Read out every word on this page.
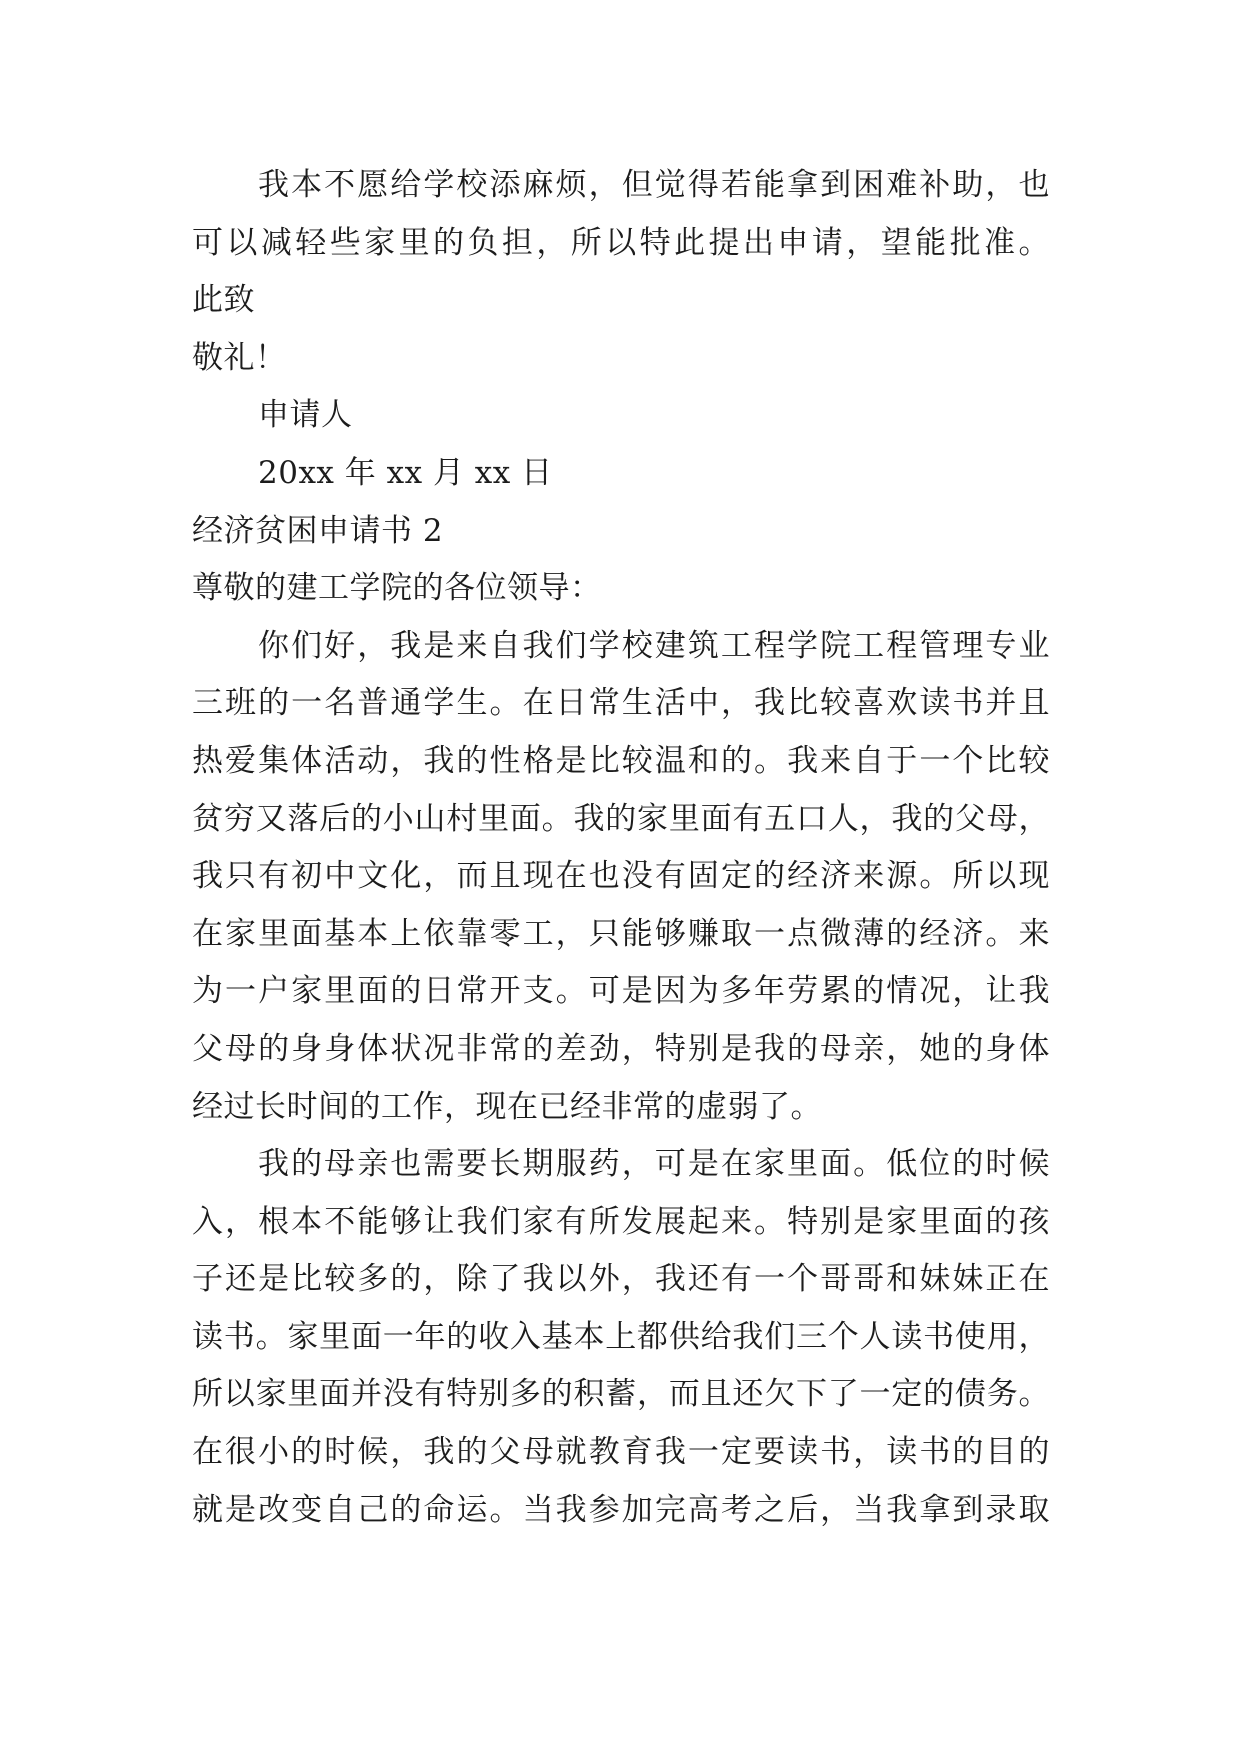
我本不愿给学校添麻烦，但觉得若能拿到困难补助，也
可以减轻些家里的负担，所以特此提出申请，望能批准。
此致
敬礼！
申请人
20xx 年 xx 月 xx 日
经济贫困申请书 2
尊敬的建工学院的各位领导：
你们好，我是来自我们学校建筑工程学院工程管理专业
三班的一名普通学生。在日常生活中，我比较喜欢读书并且
热爱集体活动，我的性格是比较温和的。我来自于一个比较
贫穷又落后的小山村里面。我的家里面有五口人，我的父母，
我只有初中文化，而且现在也没有固定的经济来源。所以现
在家里面基本上依靠零工，只能够赚取一点微薄的经济。来
为一户家里面的日常开支。可是因为多年劳累的情况，让我
父母的身身体状况非常的差劲，特别是我的母亲，她的身体
经过长时间的工作，现在已经非常的虚弱了。
我的母亲也需要长期服药，可是在家里面。低位的时候
入，根本不能够让我们家有所发展起来。特别是家里面的孩
子还是比较多的，除了我以外，我还有一个哥哥和妹妹正在
读书。家里面一年的收入基本上都供给我们三个人读书使用，
所以家里面并没有特别多的积蓄，而且还欠下了一定的债务。
在很小的时候，我的父母就教育我一定要读书，读书的目的
就是改变自己的命运。当我参加完高考之后，当我拿到录取
